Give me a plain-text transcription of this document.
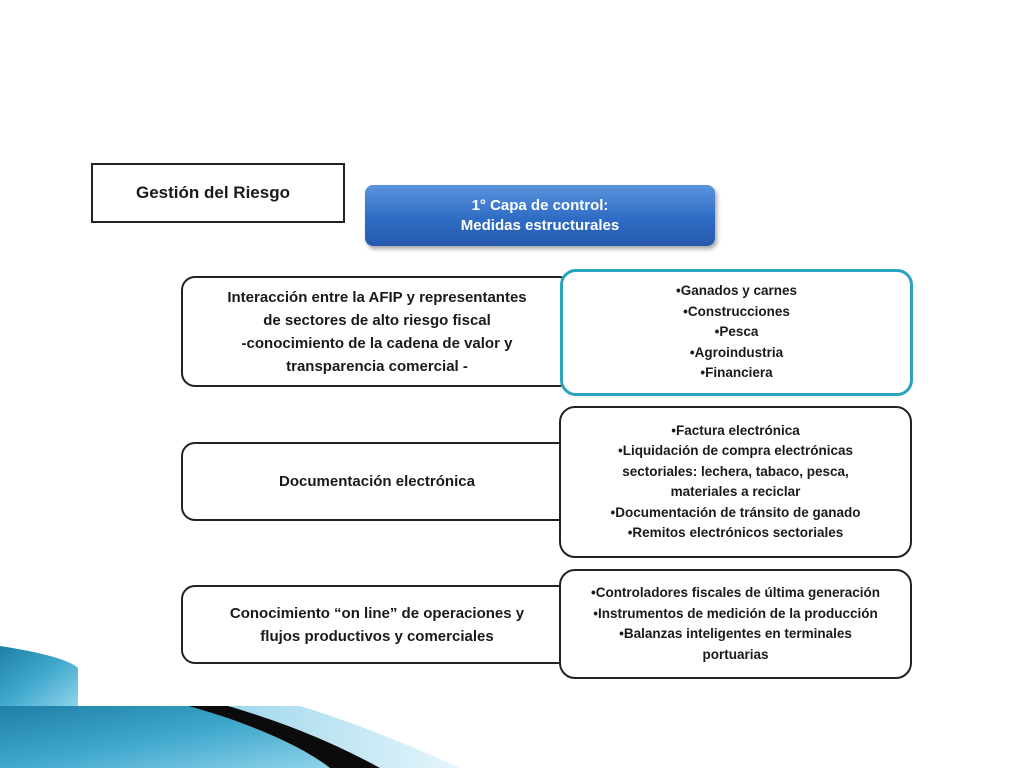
Gestión del Riesgo
1° Capa de control:
Medidas estructurales
Interacción entre la AFIP y representantes
de sectores de alto riesgo fiscal
-conocimiento de la cadena de valor y
transparencia comercial -
•Ganados y carnes
•Construcciones
•Pesca
•Agroindustria
•Financiera
Documentación electrónica
•Factura electrónica
•Liquidación de compra electrónicas
sectoriales: lechera, tabaco, pesca,
materiales a reciclar
•Documentación de tránsito de ganado
•Remitos electrónicos sectoriales
Conocimiento “on line” de operaciones y
flujos productivos y comerciales
•Controladores fiscales de última generación
•Instrumentos de medición de la producción
•Balanzas inteligentes en terminales
portuarias
